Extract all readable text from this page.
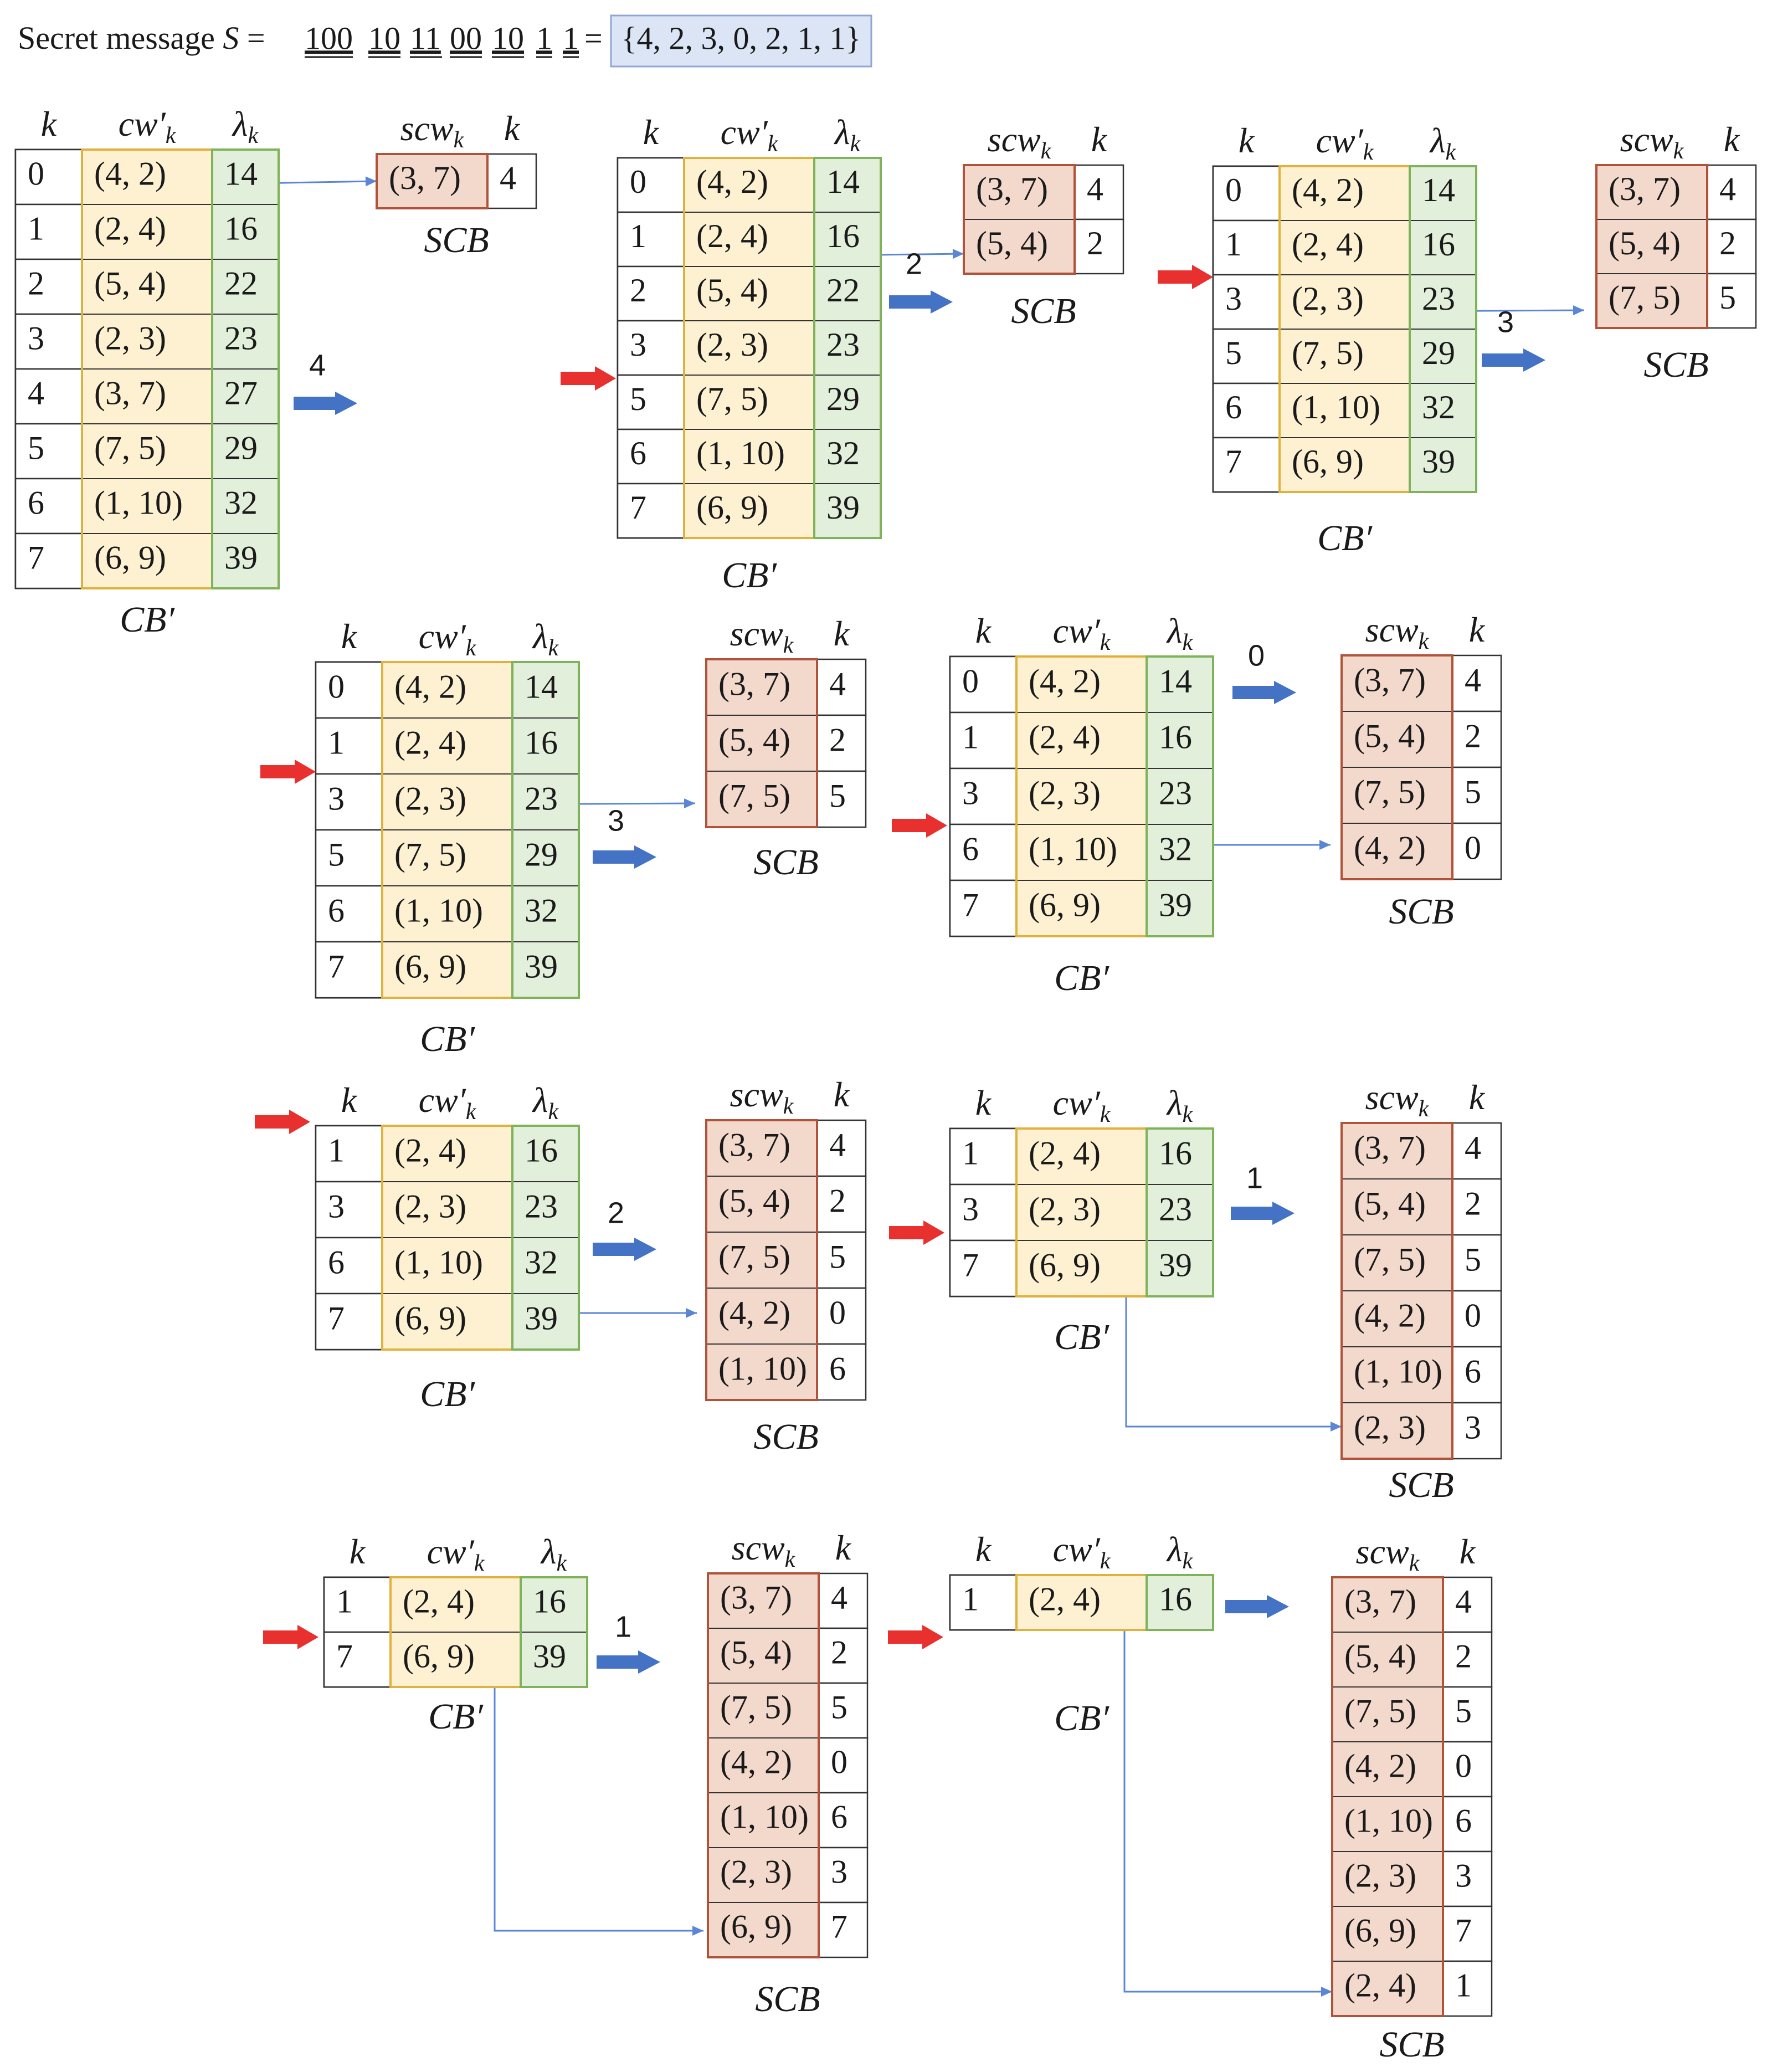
Secret message S = 100 10 11 00 10 1 1 = {4, 2, 3, 0, 2, 1, 1}
k $cw'_k$ $\lambda_k$
0 (4, 2) 14
1 (2, 4) 16
2 (5, 4) 22
3 (2, 3) 23
4 (3, 7) 27
5 (7, 5) 29
6 (1, 10) 32
7 (6, 9) 39
CB′
scw$_k$ k
(3, 7) 4
SCB
k $cw'_k$ $\lambda_k$
0 (4, 2) 14
1 (2, 4) 16
2 (5, 4) 22
3 (2, 3) 23
5 (7, 5) 29
6 (1, 10) 32
7 (6, 9) 39
CB′
scw$_k$ k
(3, 7) 4
(5, 4) 2
SCB
k $cw'_k$ $\lambda_k$
0 (4, 2) 14
1 (2, 4) 16
3 (2, 3) 23
5 (7, 5) 29
6 (1, 10) 32
7 (6, 9) 39
CB′
scw$_k$ k
(3, 7) 4
(5, 4) 2
(7, 5) 5
SCB
k $cw'_k$ $\lambda_k$
0 (4, 2) 14
1 (2, 4) 16
3 (2, 3) 23
5 (7, 5) 29
6 (1, 10) 32
7 (6, 9) 39
CB′
scw$_k$ k
(3, 7) 4
(5, 4) 2
(7, 5) 5
SCB
k $cw'_k$ $\lambda_k$
0 (4, 2) 14
1 (2, 4) 16
3 (2, 3) 23
6 (1, 10) 32
7 (6, 9) 39
CB′
scw$_k$ k
(3, 7) 4
(5, 4) 2
(7, 5) 5
(4, 2) 0
SCB
k $cw'_k$ $\lambda_k$
1 (2, 4) 16
3 (2, 3) 23
6 (1, 10) 32
7 (6, 9) 39
CB′
scw$_k$ k
(3, 7) 4
(5, 4) 2
(7, 5) 5
(4, 2) 0
(1, 10) 6
SCB
k $cw'_k$ $\lambda_k$
1 (2, 4) 16
3 (2, 3) 23
7 (6, 9) 39
CB′
scw$_k$ k
(3, 7) 4
(5, 4) 2
(7, 5) 5
(4, 2) 0
(1, 10) 6
(2, 3) 3
SCB
k $cw'_k$ $\lambda_k$
1 (2, 4) 16
7 (6, 9) 39
CB′
scw$_k$ k
(3, 7) 4
(5, 4) 2
(7, 5) 5
(4, 2) 0
(1, 10) 6
(2, 3) 3
(6, 9) 7
SCB
k $cw'_k$ $\lambda_k$
1 (2, 4) 16
CB′
scw$_k$ k
(3, 7) 4
(5, 4) 2
(7, 5) 5
(4, 2) 0
(1, 10) 6
(2, 3) 3
(6, 9) 7
(2, 4) 1
SCB
4
2
3
3
0
2
1
1
